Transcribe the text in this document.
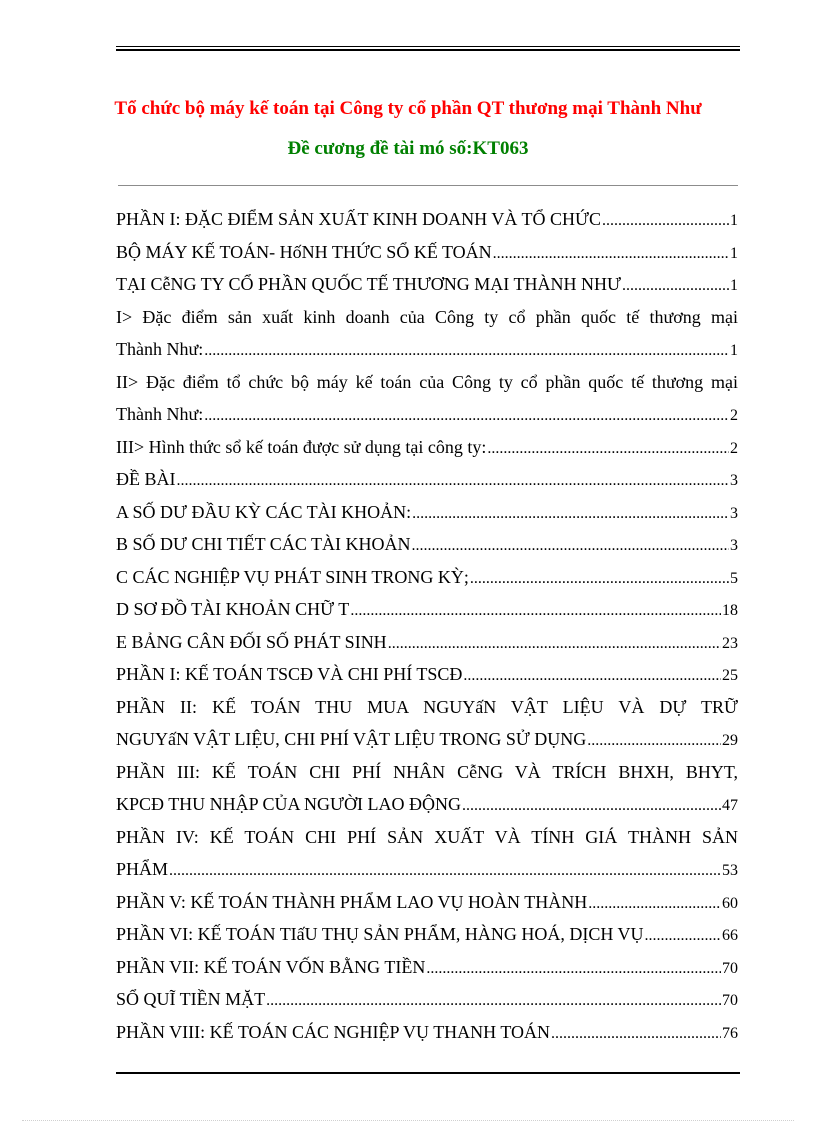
Tổ chức bộ máy kế toán tại Công ty cổ phần QT thương mại Thành Như
Đề cương đề tài mó số:KT063
PHẦN I: ĐẶC ĐIỂM SẢN XUẤT KINH DOANH VÀ TỔ CHỨC .....	1
BỘ MÁY KẾ TOÁN- HốNH THỨC SỔ KẾ TOÁN .....	1
TẠI CễNG TY CỔ PHẦN QUỐC TẾ THƯƠNG MẠI THÀNH NHƯ .....	1
I> Đặc điểm sản xuất kinh doanh của Công ty cổ phần quốc tế thương mại
Thành Như: .....	1
II> Đặc điểm tổ chức bộ máy kế toán của Công ty cổ phần quốc tế thương mại
Thành Như: .....	2
III> Hình thức sổ kế toán được sử dụng tại công ty: .....	2
ĐỀ BÀI .....	3
A SỐ DƯ ĐẦU KỲ CÁC TÀI KHOẢN: .....	3
B SỐ DƯ CHI TIẾT CÁC TÀI KHOẢN .....	3
C CÁC NGHIỆP VỤ PHÁT SINH TRONG KỲ; .....	5
D SƠ ĐỒ TÀI KHOẢN CHỮ T .....	18
E BẢNG CÂN ĐỐI SỐ PHÁT SINH .....	23
PHẦN I: KẾ TOÁN TSCĐ VÀ CHI PHÍ TSCĐ .....	25
PHẦN II: KẾ TOÁN THU MUA NGUYấN VẬT LIỆU VÀ DỰ TRỮ
NGUYấN VẬT LIỆU, CHI PHÍ VẬT LIỆU TRONG SỬ DỤNG .....	29
PHẦN III: KẾ TOÁN CHI PHÍ NHÂN CễNG VÀ TRÍCH BHXH, BHYT,
KPCĐ THU NHẬP CỦA NGƯỜI LAO ĐỘNG .....	47
PHẦN IV: KẾ TOÁN CHI PHÍ SẢN XUẤT VÀ TÍNH GIÁ THÀNH SẢN
PHẨM .....	53
PHẦN V: KẾ TOÁN THÀNH PHẨM LAO VỤ HOÀN THÀNH .....	60
PHẦN VI: KẾ TOÁN TIấU THỤ SẢN PHẨM, HÀNG HOÁ, DỊCH VỤ .....	66
PHẦN VII: KẾ TOÁN VỐN BẰNG TIỀN .....	70
SỔ QUĨ TIỀN MẶT .....	70
PHẦN VIII: KẾ TOÁN CÁC NGHIỆP VỤ THANH TOÁN .....	76
